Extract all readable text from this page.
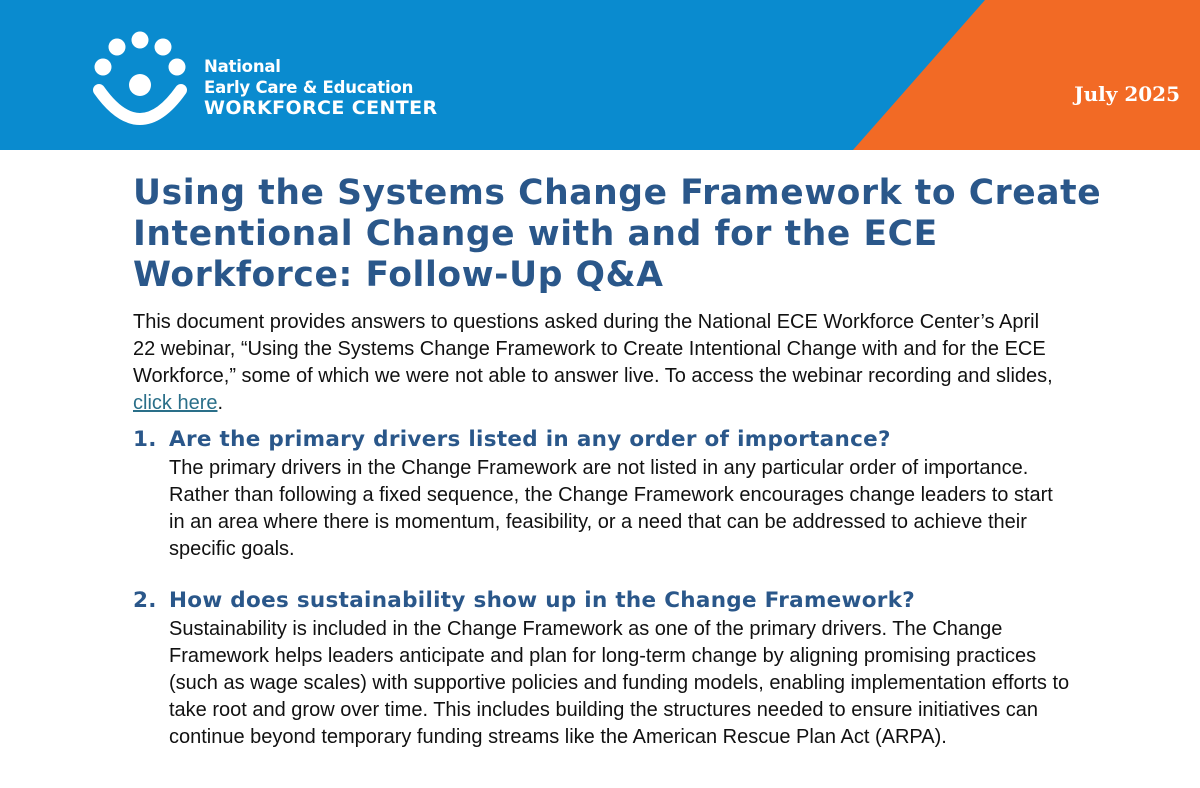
National
Early Care & Education
WORKFORCE CENTER
July 2025
Using the Systems Change Framework to Create Intentional Change with and for the ECE Workforce: Follow-Up Q&A

This document provides answers to questions asked during the National ECE Workforce Center’s April 22 webinar, “Using the Systems Change Framework to Create Intentional Change with and for the ECE Workforce,” some of which we were not able to answer live. To access the webinar recording and slides, click here.

1. Are the primary drivers listed in any order of importance?

The primary drivers in the Change Framework are not listed in any particular order of importance. Rather than following a fixed sequence, the Change Framework encourages change leaders to start in an area where there is momentum, feasibility, or a need that can be addressed to achieve their specific goals.

2. How does sustainability show up in the Change Framework?

Sustainability is included in the Change Framework as one of the primary drivers. The Change Framework helps leaders anticipate and plan for long-term change by aligning promising practices (such as wage scales) with supportive policies and funding models, enabling implementation efforts to take root and grow over time. This includes building the structures needed to ensure initiatives can continue beyond temporary funding streams like the American Rescue Plan Act (ARPA).
